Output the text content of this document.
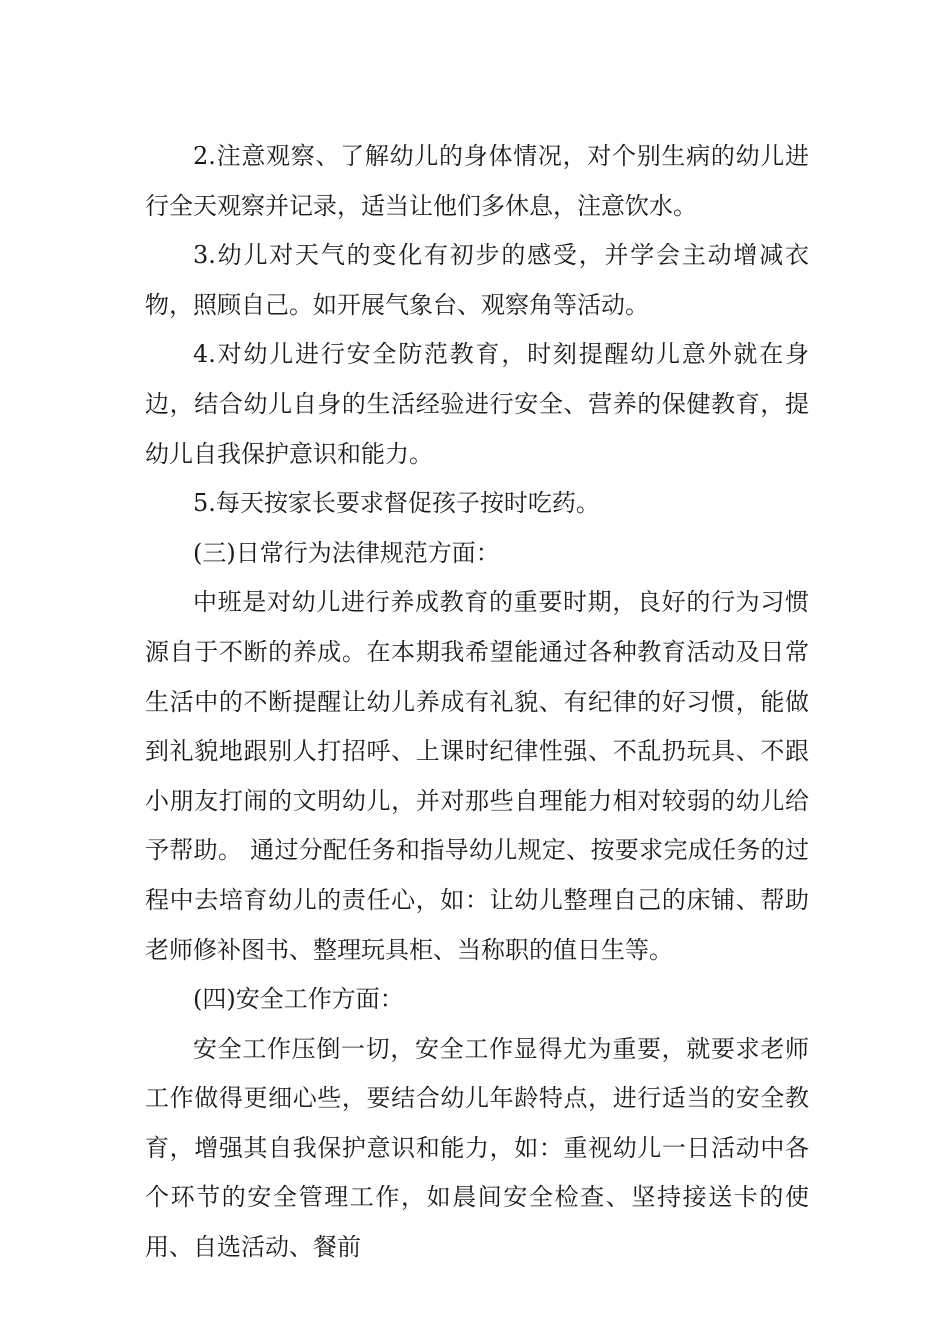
2.注意观察、了解幼儿的身体情况，对个别生病的幼儿进行全天观察并记录，适当让他们多休息，注意饮水。

3.幼儿对天气的变化有初步的感受，并学会主动增减衣物，照顾自己。如开展气象台、观察角等活动。

4.对幼儿进行安全防范教育，时刻提醒幼儿意外就在身边，结合幼儿自身的生活经验进行安全、营养的保健教育，提幼儿自我保护意识和能力。

5.每天按家长要求督促孩子按时吃药。

(三)日常行为法律规范方面：

中班是对幼儿进行养成教育的重要时期，良好的行为习惯源自于不断的养成。在本期我希望能通过各种教育活动及日常生活中的不断提醒让幼儿养成有礼貌、有纪律的好习惯，能做到礼貌地跟别人打招呼、上课时纪律性强、不乱扔玩具、不跟小朋友打闹的文明幼儿，并对那些自理能力相对较弱的幼儿给予帮助。 通过分配任务和指导幼儿规定、按要求完成任务的过程中去培育幼儿的责任心，如：让幼儿整理自己的床铺、帮助老师修补图书、整理玩具柜、当称职的值日生等。

(四)安全工作方面：

安全工作压倒一切，安全工作显得尤为重要，就要求老师工作做得更细心些，要结合幼儿年龄特点，进行适当的安全教育，增强其自我保护意识和能力，如：重视幼儿一日活动中各个环节的安全管理工作，如晨间安全检查、坚持接送卡的使用、自选活动、餐前
